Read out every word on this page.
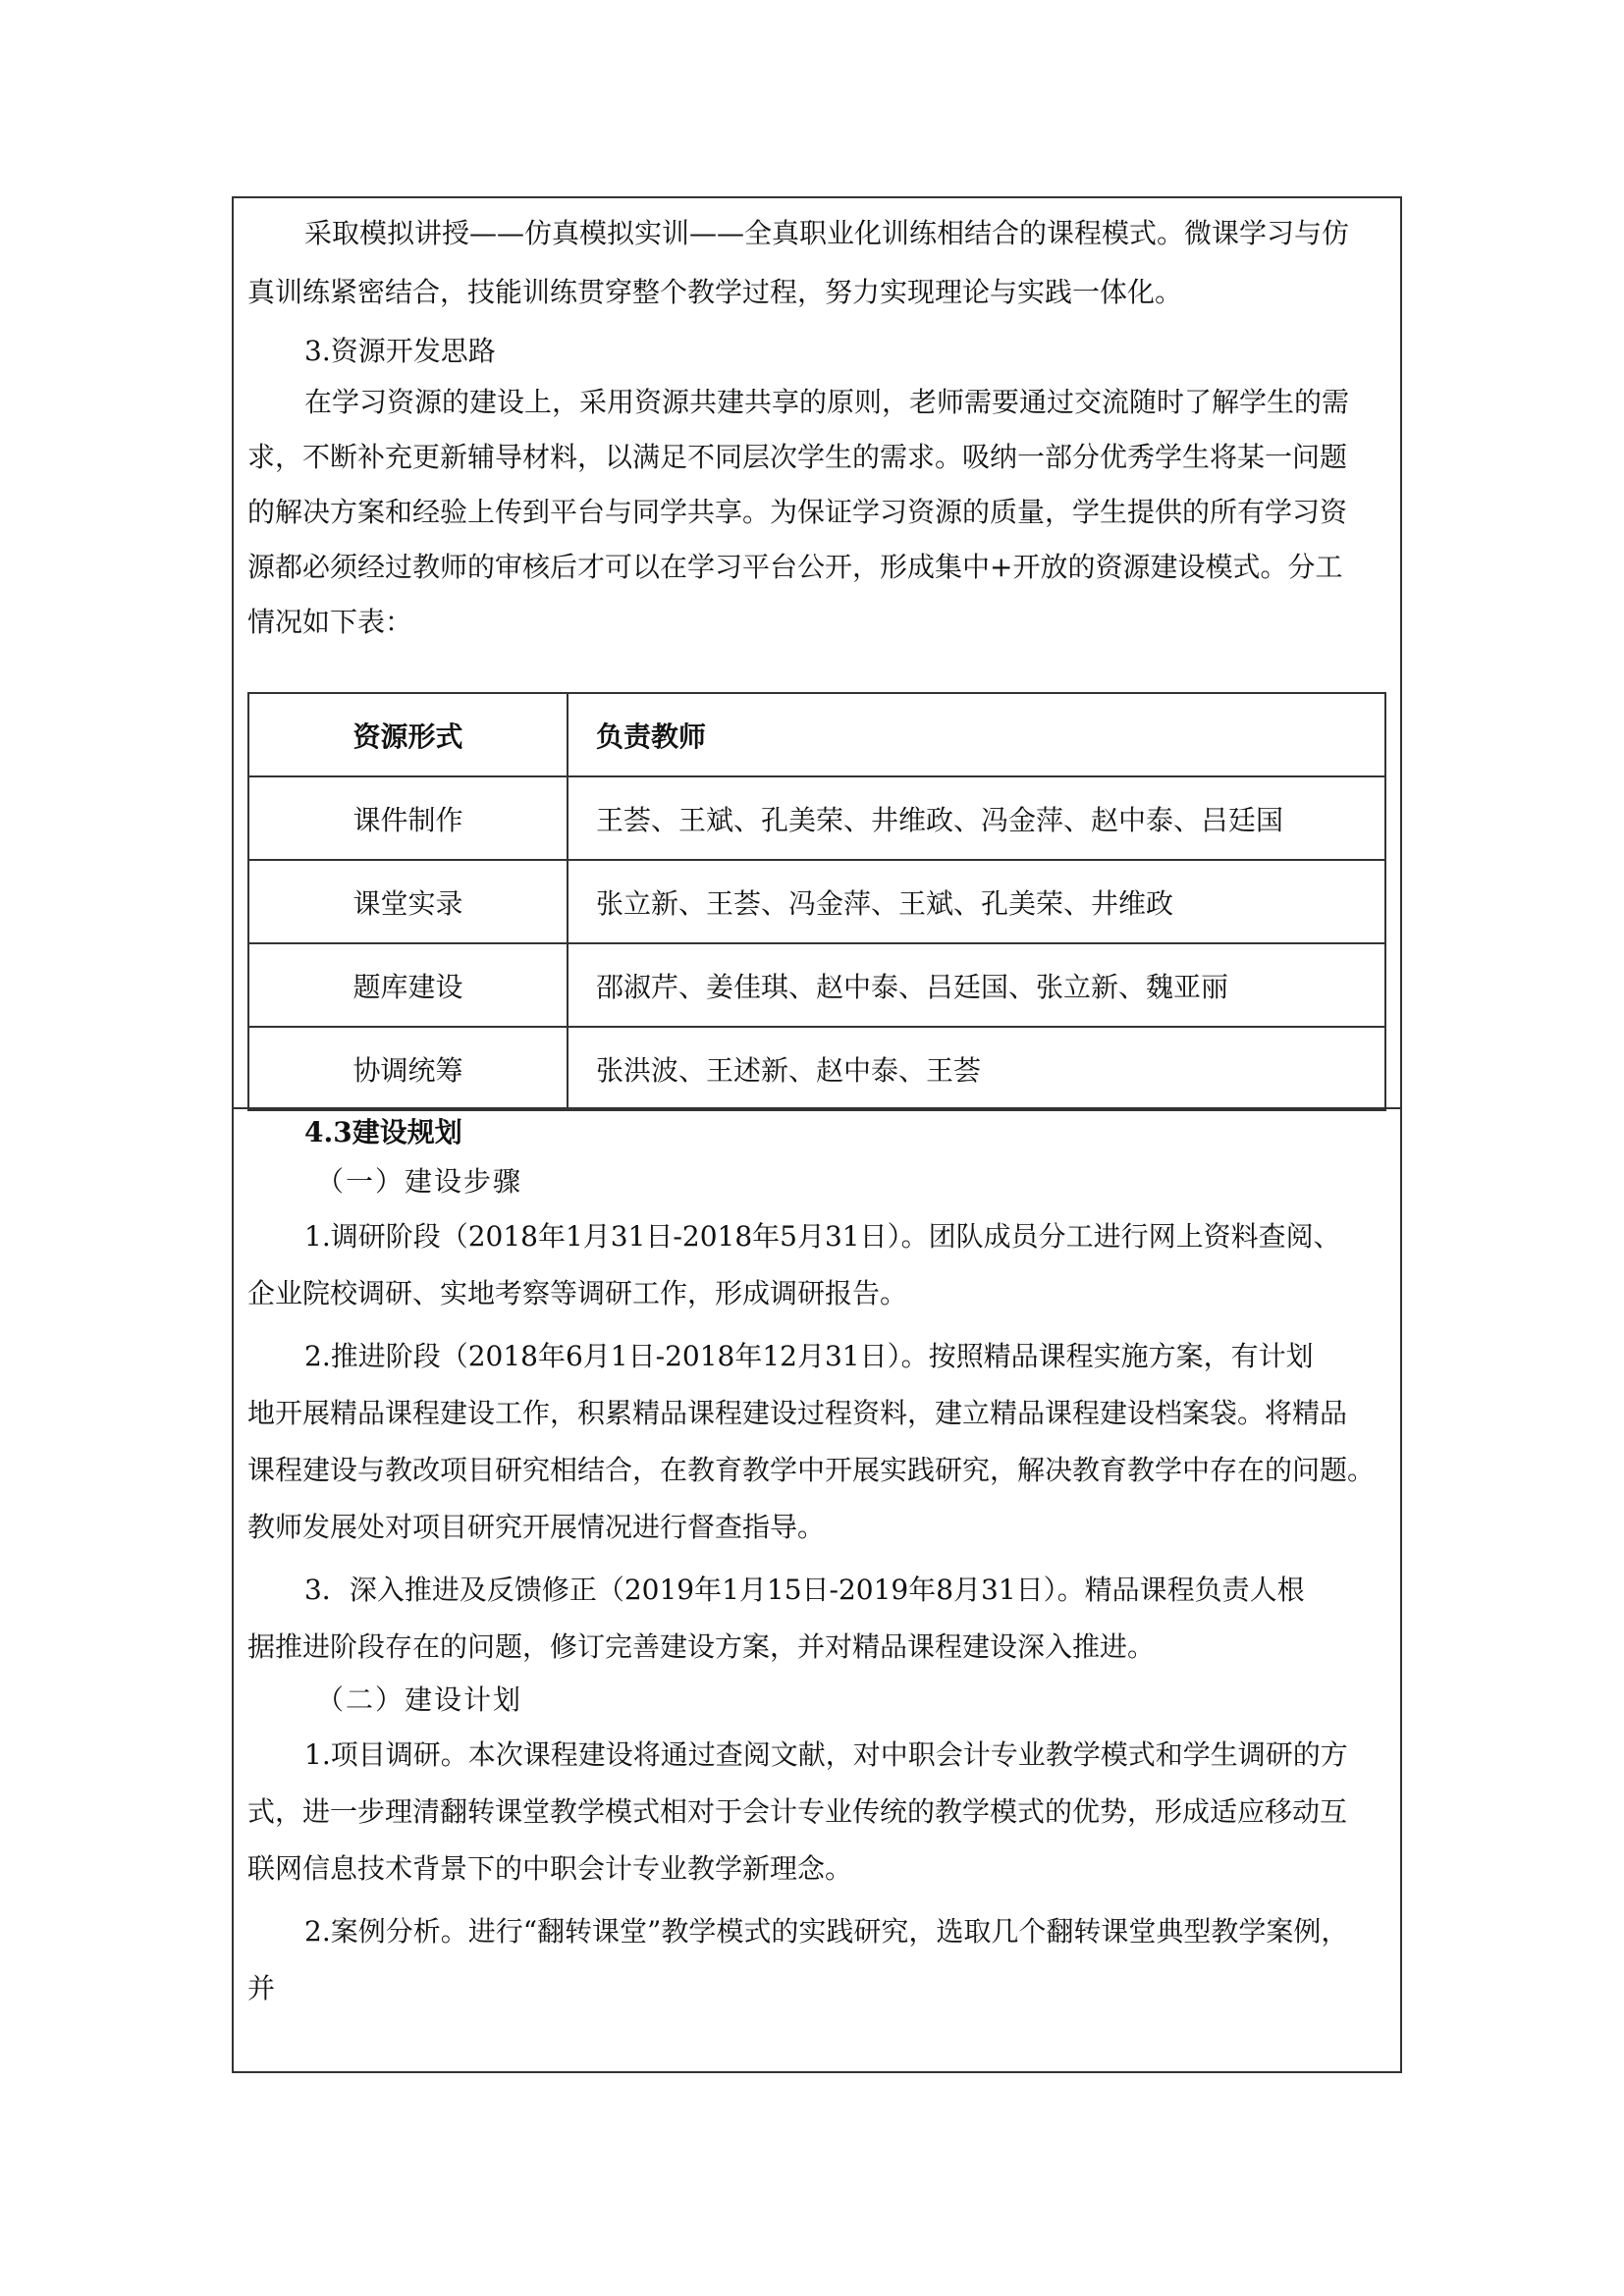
采取模拟讲授——仿真模拟实训——全真职业化训练相结合的课程模式。微课学习与仿
真训练紧密结合，技能训练贯穿整个教学过程，努力实现理论与实践一体化。
3.资源开发思路
在学习资源的建设上，采用资源共建共享的原则，老师需要通过交流随时了解学生的需
求，不断补充更新辅导材料，以满足不同层次学生的需求。吸纳一部分优秀学生将某一问题
的解决方案和经验上传到平台与同学共享。为保证学习资源的质量，学生提供的所有学习资
源都必须经过教师的审核后才可以在学习平台公开，形成集中+开放的资源建设模式。分工
情况如下表：
资源形式	负责教师
课件制作	王荟、王斌、孔美荣、井维政、冯金萍、赵中泰、吕廷国
课堂实录	张立新、王荟、冯金萍、王斌、孔美荣、井维政
题库建设	邵淑芹、姜佳琪、赵中泰、吕廷国、张立新、魏亚丽
协调统筹	张洪波、王述新、赵中泰、王荟
4.3建设规划
（一）建设步骤
1.调研阶段（2018年1月31日-2018年5月31日）。团队成员分工进行网上资料查阅、
企业院校调研、实地考察等调研工作，形成调研报告。
2.推进阶段（2018年6月1日-2018年12月31日）。按照精品课程实施方案，有计划
地开展精品课程建设工作，积累精品课程建设过程资料，建立精品课程建设档案袋。将精品
课程建设与教改项目研究相结合，在教育教学中开展实践研究，解决教育教学中存在的问题。
教师发展处对项目研究开展情况进行督查指导。
3．深入推进及反馈修正（2019年1月15日-2019年8月31日）。精品课程负责人根
据推进阶段存在的问题，修订完善建设方案，并对精品课程建设深入推进。
（二）建设计划
1.项目调研。本次课程建设将通过查阅文献，对中职会计专业教学模式和学生调研的方
式，进一步理清翻转课堂教学模式相对于会计专业传统的教学模式的优势，形成适应移动互
联网信息技术背景下的中职会计专业教学新理念。
2.案例分析。进行“翻转课堂”教学模式的实践研究，选取几个翻转课堂典型教学案例，
并
